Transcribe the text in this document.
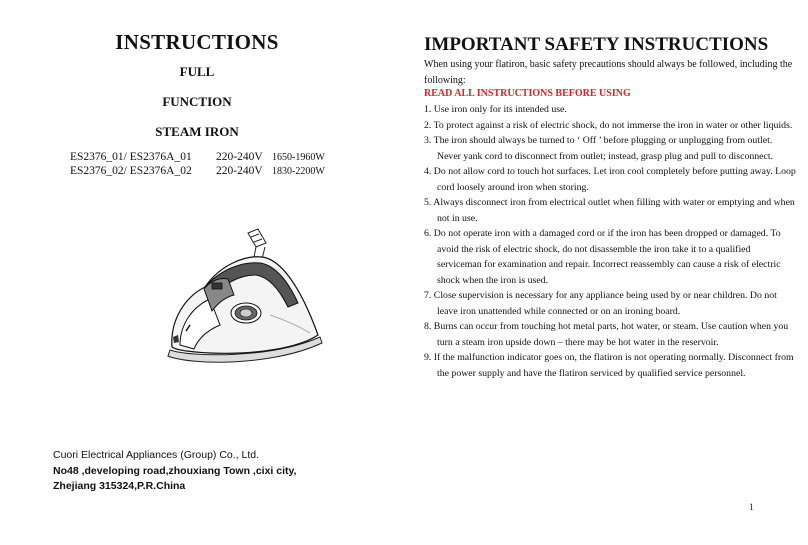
INSTRUCTIONS
FULL
FUNCTION
STEAM IRON
ES2376_01/ ES2376A_01 220-240V 1650-1960W
ES2376_02/ ES2376A_02 220-240V 1830-2200W
Cuori Electrical Appliances (Group) Co., Ltd.
No48 ,developing road,zhouxiang Town ,cixi city,
Zhejiang 315324,P.R.China
IMPORTANT SAFETY INSTRUCTIONS
When using your flatiron, basic safety precautions should always be followed, including the following:
READ ALL INSTRUCTIONS BEFORE USING

1. Use iron only for its intended use.

2. To protect against a risk of electric shock, do not immerse the iron in water or other liquids.

3. The iron should always be turned to ‘ Off ’ before plugging or unplugging from outlet. Never yank cord to disconnect from outlet; instead, grasp plug and pull to disconnect.

4. Do not allow cord to touch hot surfaces. Let iron cool completely before putting away. Loop cord loosely around iron when storing.

5. Always disconnect iron from electrical outlet when filling with water or emptying and when not in use.

6. Do not operate iron with a damaged cord or if the iron has been dropped or damaged. To avoid the risk of electric shock, do not disassemble the iron take it to a qualified serviceman for examination and repair. Incorrect reassembly can cause a risk of electric shock when the iron is used.

7. Close supervision is necessary for any appliance being used by or near children. Do not leave iron unattended while connected or on an ironing board.

8. Burns can occur from touching hot metal parts, hot water, or steam. Use caution when you turn a steam iron upside down – there may be hot water in the reservoir.

9. If the malfunction indicator goes on, the flatiron is not operating normally. Disconnect from the power supply and have the flatiron serviced by qualified service personnel.

1
